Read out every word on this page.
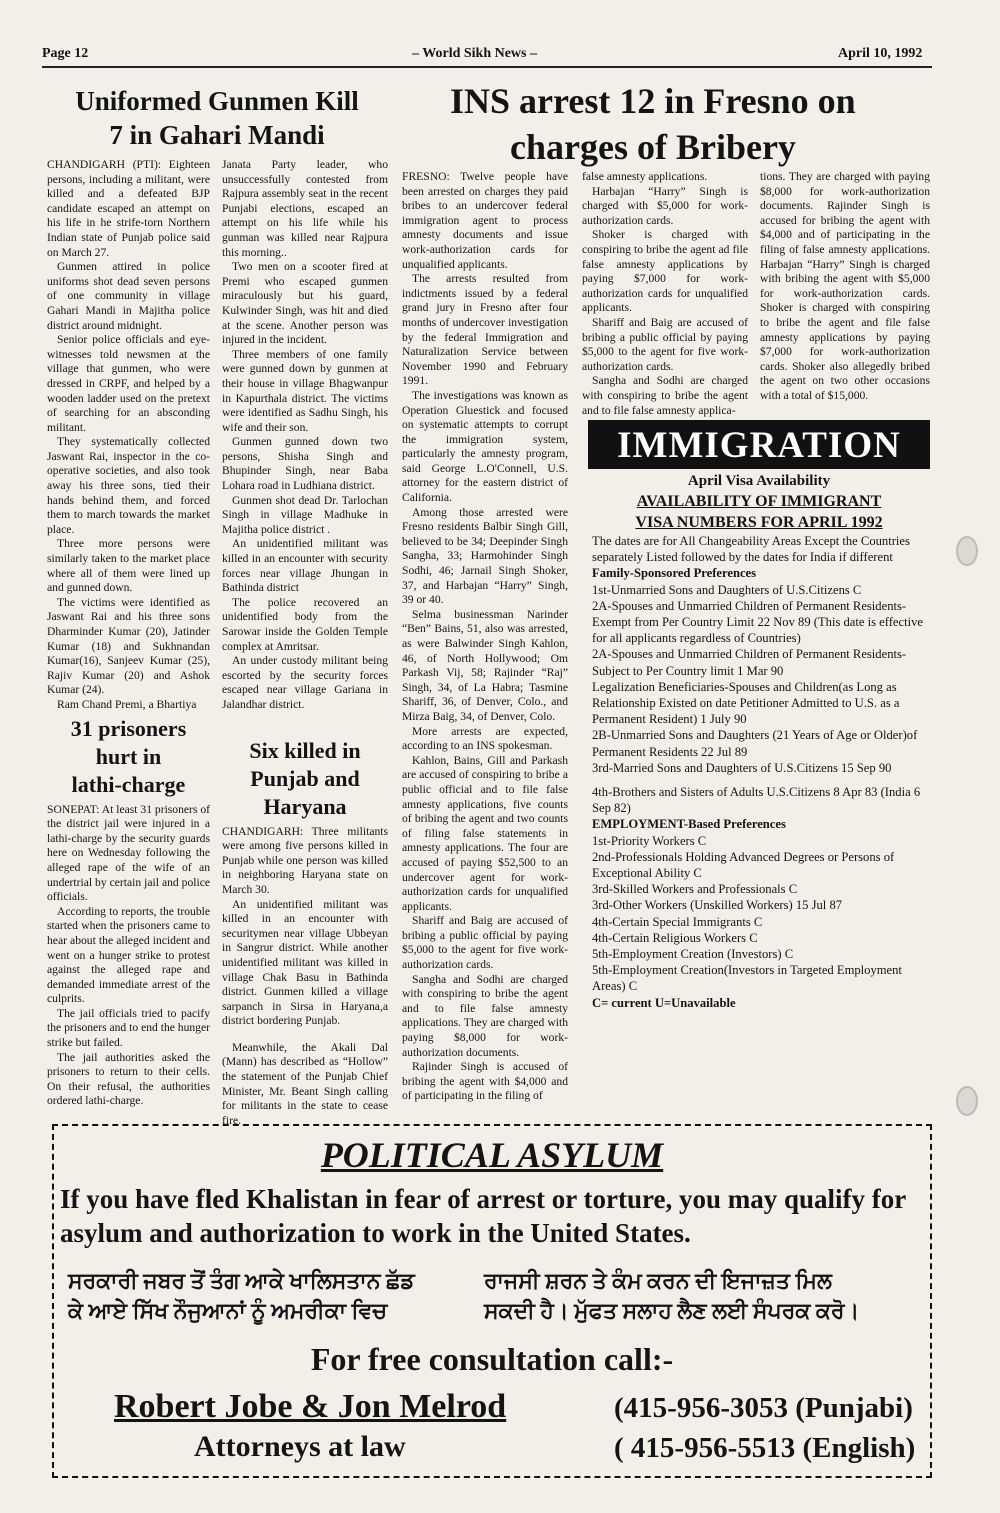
Page 12	– World Sikh News –	April 10, 1992
Uniformed Gunmen Kill
7 in Gahari Mandi

CHANDIGARH (PTI): Eighteen persons, including a militant, were killed and a defeated BJP candidate escaped an attempt on his life in he strife-torn Northern Indian state of Punjab police said on March 27.

Gunmen attired in police uniforms shot dead seven persons of one community in village Gahari Mandi in Majitha police district around midnight.

Senior police officials and eye-witnesses told newsmen at the village that gunmen, who were dressed in CRPF, and helped by a wooden ladder used on the pretext of searching for an absconding militant.

They systematically collected Jaswant Rai, inspector in the co-operative societies, and also took away his three sons, tied their hands behind them, and forced them to march towards the market place.

Three more persons were similarly taken to the market place where all of them were lined up and gunned down.

The victims were identified as Jaswant Rai and his three sons Dharminder Kumar (20), Jatinder Kumar (18) and Sukhnandan Kumar(16), Sanjeev Kumar (25), Rajiv Kumar (20) and Ashok Kumar (24).

Ram Chand Premi, a Bhartiya

31 prisoners
hurt in
lathi-charge

SONEPAT: At least 31 prisoners of the district jail were injured in a lathi-charge by the security guards here on Wednesday following the alleged rape of the wife of an undertrial by certain jail and police officials.

According to reports, the trouble started when the prisoners came to hear about the alleged incident and went on a hunger strike to protest against the alleged rape and demanded immediate arrest of the culprits.

The jail officials tried to pacify the prisoners and to end the hunger strike but failed.

The jail authorities asked the prisoners to return to their cells. On their refusal, the authorities ordered lathi-charge.

Janata Party leader, who unsuccessfully contested from Rajpura assembly seat in the recent Punjabi elections, escaped an attempt on his life while his gunman was killed near Rajpura this morning..

Two men on a scooter fired at Premi who escaped gunmen miraculously but his guard, Kulwinder Singh, was hit and died at the scene. Another person was injured in the incident.

Three members of one family were gunned down by gunmen at their house in village Bhagwanpur in Kapurthala district. The victims were identified as Sadhu Singh, his wife and their son.

Gunmen gunned down two persons, Shisha Singh and Bhupinder Singh, near Baba Lohara road in Ludhiana district.

Gunmen shot dead Dr. Tarlochan Singh in village Madhuke in Majitha police district .

An unidentified militant was killed in an encounter with security forces near village Jhungan in Bathinda district

The police recovered an unidentified body from the Sarowar inside the Golden Temple complex at Amritsar.

An under custody militant being escorted by the security forces escaped near village Gariana in Jalandhar district.

Six killed in
Punjab and
Haryana

CHANDIGARH: Three militants were among five persons killed in Punjab while one person was killed in neighboring Haryana state on March 30.

An unidentified militant was killed in an encounter with securitymen near village Ubbeyan in Sangrur district. While another unidentified militant was killed in village Chak Basu in Bathinda district. Gunmen killed a village sarpanch in Sirsa in Haryana,a district bordering Punjab.

Meanwhile, the Akali Dal (Mann) has described as “Hollow” the statement of the Punjab Chief Minister, Mr. Beant Singh calling for militants in the state to cease fire.

INS arrest 12 in Fresno on
charges of Bribery

FRESNO: Twelve people have been arrested on charges they paid bribes to an undercover federal immigration agent to process amnesty documents and issue work-authorization cards for unqualified applicants.

The arrests resulted from indictments issued by a federal grand jury in Fresno after four months of undercover investigation by the federal Immigration and Naturalization Service between November 1990 and February 1991.

The investigations was known as Operation Gluestick and focused on systematic attempts to corrupt the immigration system, particularly the amnesty program, said George L.O'Connell, U.S. attorney for the eastern district of California.

Among those arrested were Fresno residents Balbir Singh Gill, believed to be 34; Deepinder Singh Sangha, 33; Harmohinder Singh Sodhi, 46; Jarnail Singh Shoker, 37, and Harbajan “Harry” Singh, 39 or 40.

Selma businessman Narinder “Ben” Bains, 51, also was arrested, as were Balwinder Singh Kahlon, 46, of North Hollywood; Om Parkash Vij, 58; Rajinder “Raj” Singh, 34, of La Habra; Tasmine Shariff, 36, of Denver, Colo., and Mirza Baig, 34, of Denver, Colo.

More arrests are expected, according to an INS spokesman.

Kahlon, Bains, Gill and Parkash are accused of conspiring to bribe a public official and to file false amnesty applications, five counts of bribing the agent and two counts of filing false statements in amnesty applications. The four are accused of paying $52,500 to an undercover agent for work-authorization cards for unqualified applicants.

Shariff and Baig are accused of bribing a public official by paying $5,000 to the agent for five work-authorization cards.

Sangha and Sodhi are charged with conspiring to bribe the agent and to file false amnesty applications. They are charged with paying $8,000 for work-authorization documents.

Rajinder Singh is accused of bribing the agent with $4,000 and of participating in the filing of

false amnesty applications.

Harbajan “Harry” Singh is charged with $5,000 for work-authorization cards.

Shoker is charged with conspiring to bribe the agent ad file false amnesty applications by paying $7,000 for work-authorization cards for unqualified applicants.

Shariff and Baig are accused of bribing a public official by paying $5,000 to the agent for five work-authorization cards.

Sangha and Sodhi are charged with conspiring to bribe the agent and to file false amnesty applica-

tions. They are charged with paying $8,000 for work-authorization documents. Rajinder Singh is accused for bribing the agent with $4,000 and of participating in the filing of false amnesty applications. Harbajan “Harry” Singh is charged with bribing the agent with $5,000 for work-authorization cards. Shoker is charged with conspiring to bribe the agent and file false amnesty applications by paying $7,000 for work-authorization cards. Shoker also allegedly bribed the agent on two other occasions with a total of $15,000.

IMMIGRATION
April Visa Availability
AVAILABILITY OF IMMIGRANT
VISA NUMBERS FOR APRIL 1992
The dates are for All Changeability Areas Except the Countries separately Listed followed by the dates for India if different
Family-Sponsored Preferences
1st-Unmarried Sons and Daughters of U.S.Citizens C
2A-Spouses and Unmarried Children of Permanent Residents-
Exempt from Per Country Limit 22 Nov 89 (This date is effective
for all applicants regardless of Countries)
2A-Spouses and Unmarried Children of Permanent Residents-
Subject to Per Country limit 1 Mar 90
Legalization Beneficiaries-Spouses and Children(as Long as Relationship Existed on date Petitioner Admitted to U.S. as a Permanent Resident) 1 July 90
2B-Unmarried Sons and Daughters (21 Years of Age or Older)of Permanent Residents 22 Jul 89
3rd-Married Sons and Daughters of U.S.Citizens 15 Sep 90
4th-Brothers and Sisters of Adults U.S.Citizens 8 Apr 83 (India 6 Sep 82)
EMPLOYMENT-Based Preferences
1st-Priority Workers C
2nd-Professionals Holding Advanced Degrees or Persons of Exceptional Ability C
3rd-Skilled Workers and Professionals C
3rd-Other Workers (Unskilled Workers) 15 Jul 87
4th-Certain Special Immigrants C
4th-Certain Religious Workers C
5th-Employment Creation (Investors) C
5th-Employment Creation(Investors in Targeted Employment Areas) C
C= current U=Unavailable
POLITICAL ASYLUM
If you have fled Khalistan in fear of arrest or torture, you may qualify for asylum and authorization to work in the United States.
ਸਰਕਾਰੀ ਜਬਰ ਤੋਂ ਤੰਗ ਆਕੇ ਖਾਲਿਸਤਾਨ ਛੱਡ
ਕੇ ਆਏ ਸਿੱਖ ਨੌਜੁਆਨਾਂ ਨੂੰ ਅਮਰੀਕਾ ਵਿਚ
ਰਾਜਸੀ ਸ਼ਰਨ ਤੇ ਕੰਮ ਕਰਨ ਦੀ ਇਜਾਜ਼ਤ ਮਿਲ
ਸਕਦੀ ਹੈ। ਮੁੱਫਤ ਸਲਾਹ ਲੈਣ ਲਈ ਸੰਪਰਕ ਕਰੋ।
For free consultation call:-
Robert Jobe & Jon Melrod
Attorneys at law
(415-956-3053 (Punjabi)
( 415-956-5513 (English)
